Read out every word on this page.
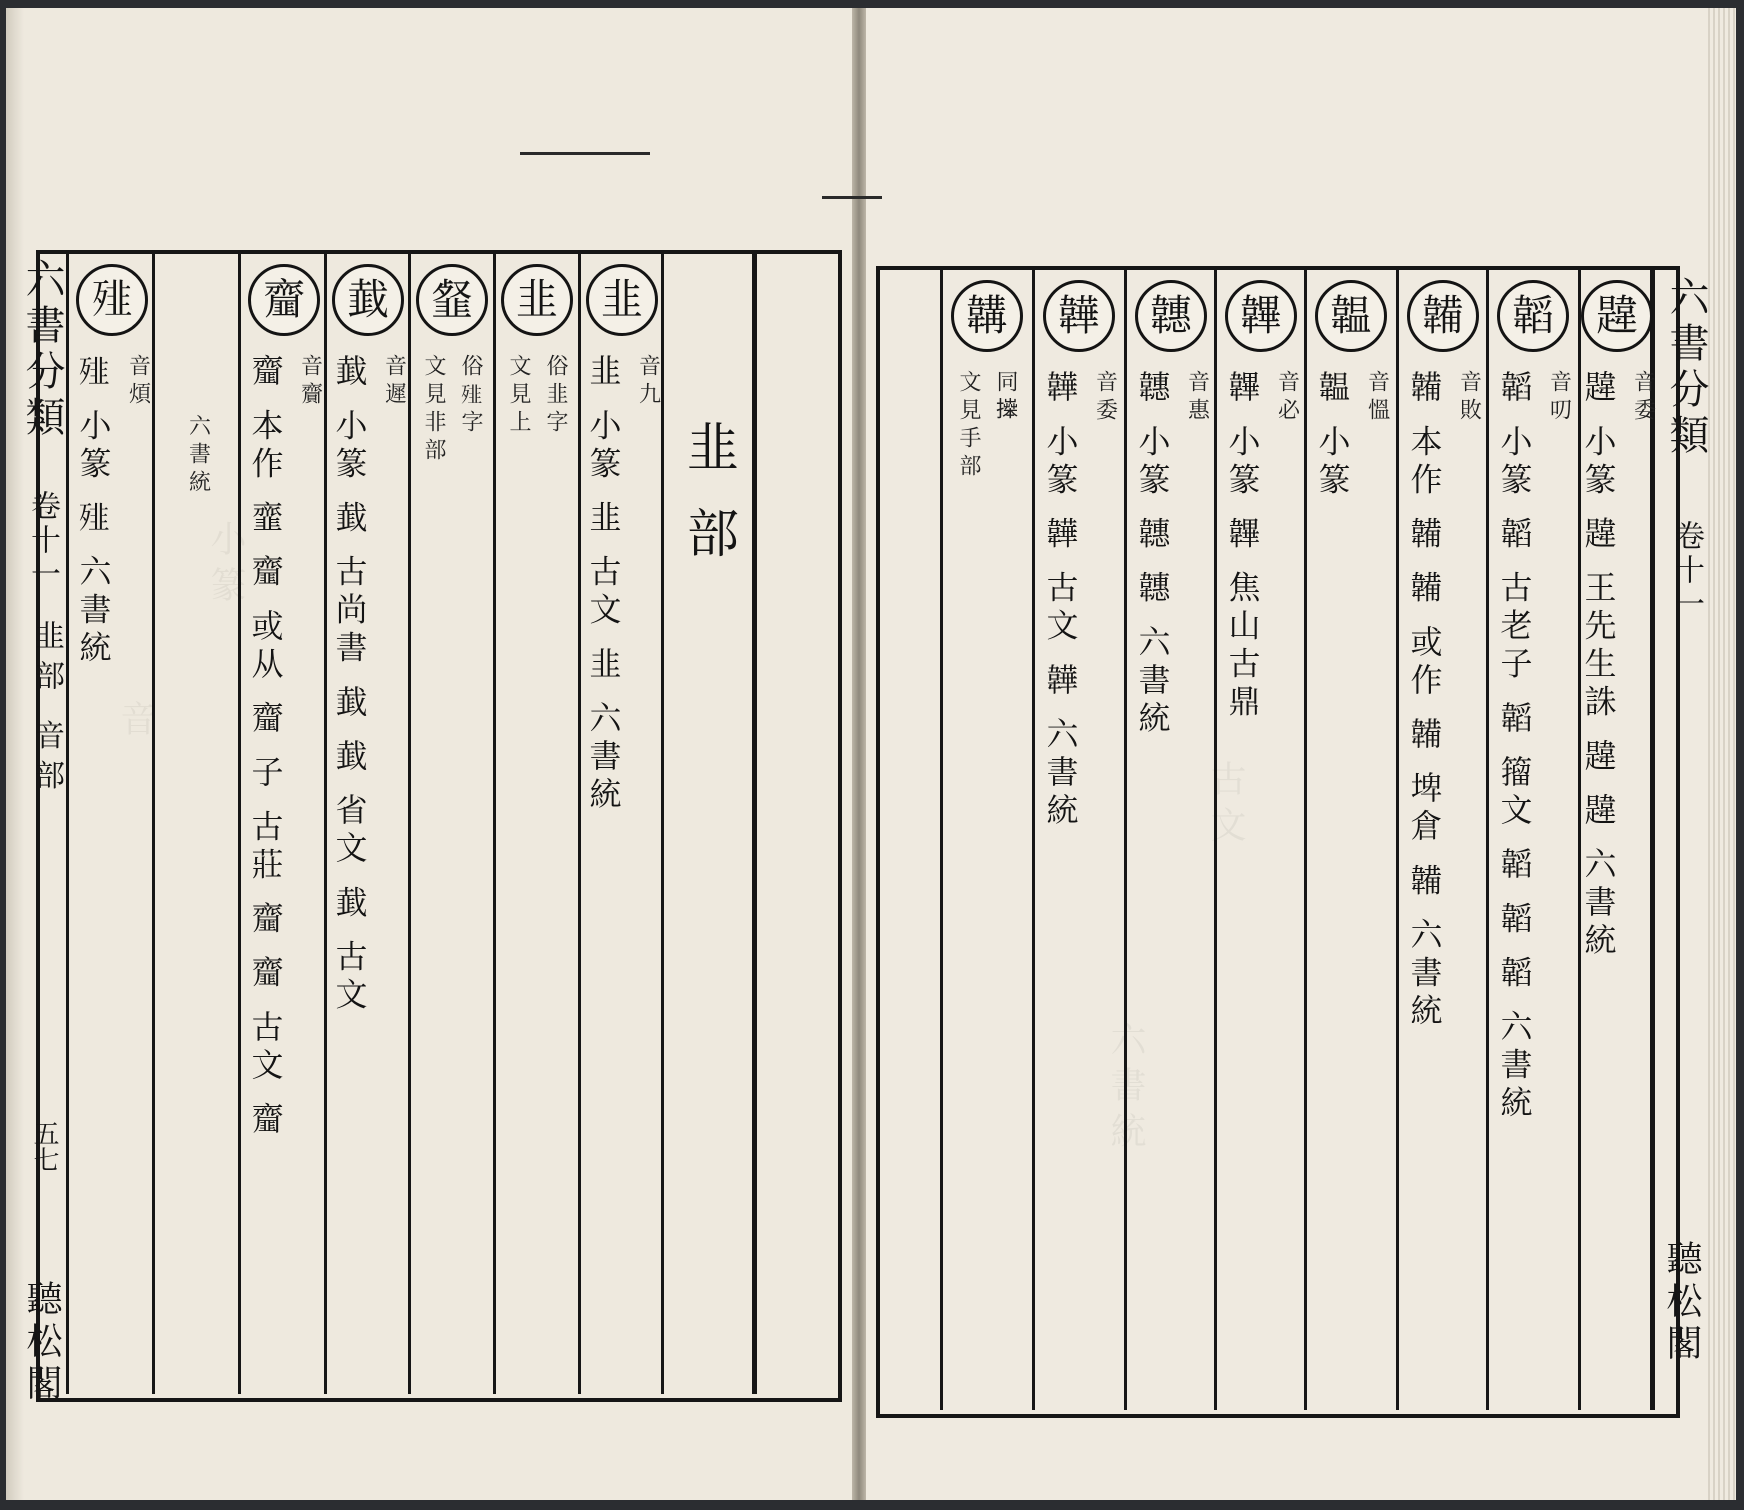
六書分類
卷十一
韭部 音部
五七
聽松閣
韭
音九
韭 小篆 韭 古文 韭 六書統 韭部
韭
俗韭字
文見上
韰
俗𩐁字
文見非部
韯
音遲
韯 小篆 韯 古尚書 韯 韯 省文 韯 古文
齏
音齎
齏 本作 韲 齏 或从 齏 子 古莊 齏 齏 古文 齏
六書統
𩐁
音煩
𩐁 小篆 𩐁 六書統	六書分類
卷十一
聽松閣
韙
音委
韙 小篆 韙 王先生誅 韙 韙 六書統
韜
音叨
韜 小篆 韜 古老子 韜 籀文 韜 韜 韜 六書統
韛
音敗
韛 本作 韛 韛 或作 韛 埤倉 韛 六書統
韞
音慍
韞 小篆
韠
音必
韠 小篆 韠 焦山古鼎
韢
音惠
韢 小篆 韢 韢 六書統
韡
音委
韡 小篆 韡 古文 韡 六書統
韝
同𢷎
文見手部
音
小篆
古文
六書統
